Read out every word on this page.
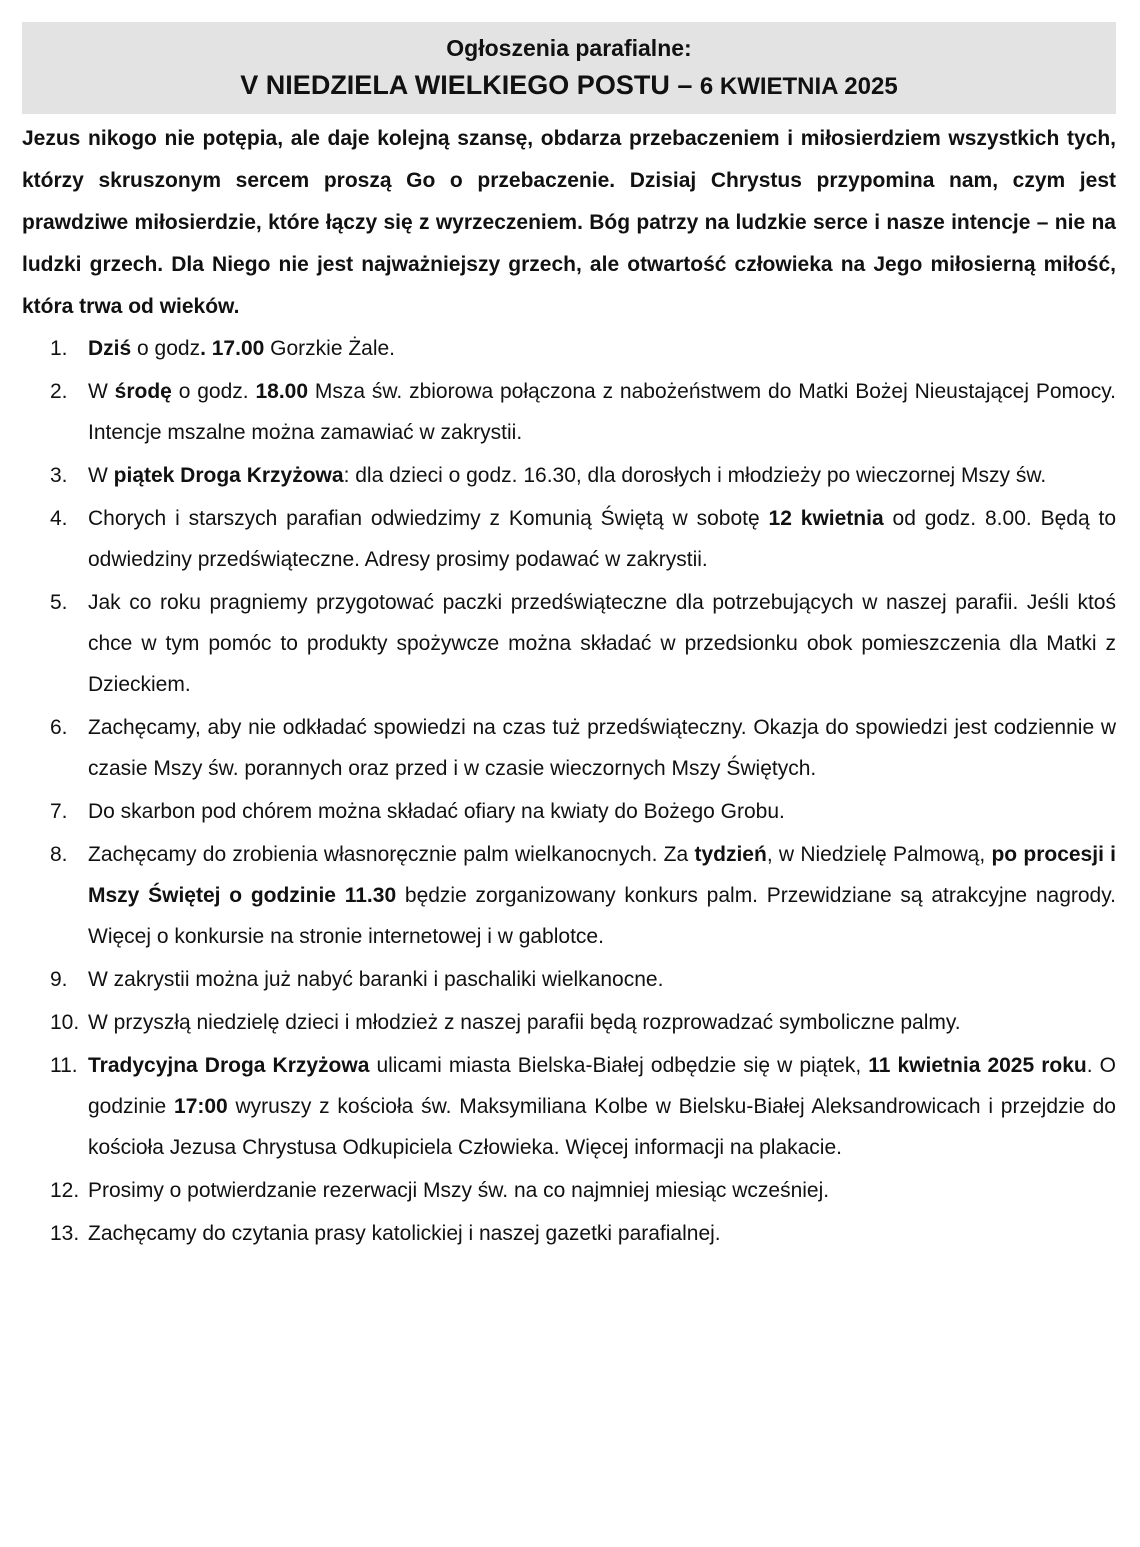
Ogłoszenia parafialne:
V NIEDZIELA WIELKIEGO POSTU – 6 KWIETNIA 2025

Jezus nikogo nie potępia, ale daje kolejną szansę, obdarza przebaczeniem i miłosierdziem wszystkich tych, którzy skruszonym sercem proszą Go o przebaczenie. Dzisiaj Chrystus przypomina nam, czym jest prawdziwe miłosierdzie, które łączy się z wyrzeczeniem. Bóg patrzy na ludzkie serce i nasze intencje – nie na ludzki grzech. Dla Niego nie jest najważniejszy grzech, ale otwartość człowieka na Jego miłosierną miłość, która trwa od wieków.

1. Dziś o godz. 17.00 Gorzkie Żale.
2. W środę o godz. 18.00 Msza św. zbiorowa połączona z nabożeństwem do Matki Bożej Nieustającej Pomocy. Intencje mszalne można zamawiać w zakrystii.
3. W piątek Droga Krzyżowa: dla dzieci o godz. 16.30, dla dorosłych i młodzieży po wieczornej Mszy św.
4. Chorych i starszych parafian odwiedzimy z Komunią Świętą w sobotę 12 kwietnia od godz. 8.00. Będą to odwiedziny przedświąteczne. Adresy prosimy podawać w zakrystii.
5. Jak co roku pragniemy przygotować paczki przedświąteczne dla potrzebujących w naszej parafii. Jeśli ktoś chce w tym pomóc to produkty spożywcze można składać w przedsionku obok pomieszczenia dla Matki z Dzieckiem.
6. Zachęcamy, aby nie odkładać spowiedzi na czas tuż przedświąteczny. Okazja do spowiedzi jest codziennie w czasie Mszy św. porannych oraz przed i w czasie wieczornych Mszy Świętych.
7. Do skarbon pod chórem można składać ofiary na kwiaty do Bożego Grobu.
8. Zachęcamy do zrobienia własnoręcznie palm wielkanocnych. Za tydzień, w Niedzielę Palmową, po procesji i Mszy Świętej o godzinie 11.30 będzie zorganizowany konkurs palm. Przewidziane są atrakcyjne nagrody. Więcej o konkursie na stronie internetowej i w gablotce.
9. W zakrystii można już nabyć baranki i paschaliki wielkanocne.
10. W przyszłą niedzielę dzieci i młodzież z naszej parafii będą rozprowadzać symboliczne palmy.
11. Tradycyjna Droga Krzyżowa ulicami miasta Bielska-Białej odbędzie się w piątek, 11 kwietnia 2025 roku. O godzinie 17:00 wyruszy z kościoła św. Maksymiliana Kolbe w Bielsku-Białej Aleksandrowicach i przejdzie do kościoła Jezusa Chrystusa Odkupiciela Człowieka. Więcej informacji na plakacie.
12. Prosimy o potwierdzanie rezerwacji Mszy św. na co najmniej miesiąc wcześniej.
13. Zachęcamy do czytania prasy katolickiej i naszej gazetki parafialnej.
